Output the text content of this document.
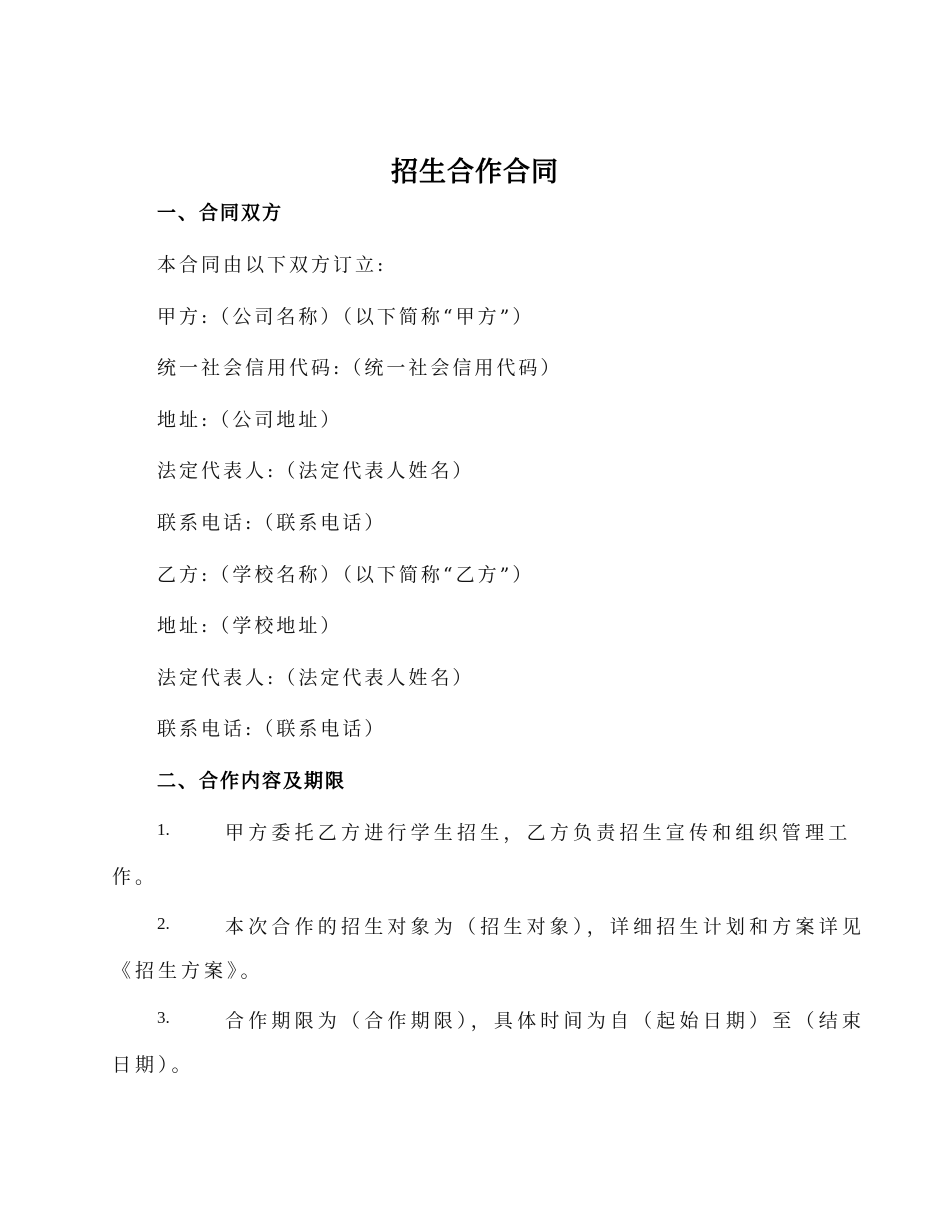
招生合作合同
一、合同双方
本合同由以下双方订立:
甲方:（公司名称）（以下简称“甲方”）
统一社会信用代码:（统一社会信用代码）
地址:（公司地址）
法定代表人:（法定代表人姓名）
联系电话:（联系电话）
乙方:（学校名称）（以下简称“乙方”）
地址:（学校地址）
法定代表人:（法定代表人姓名）
联系电话:（联系电话）
二、合作内容及期限
1.	甲方委托乙方进行学生招生，乙方负责招生宣传和组织管理工
作。
2.	本次合作的招生对象为（招生对象），详细招生计划和方案详见
《招生方案》。
3.	合作期限为（合作期限），具体时间为自（起始日期）至（结束
日期）。
